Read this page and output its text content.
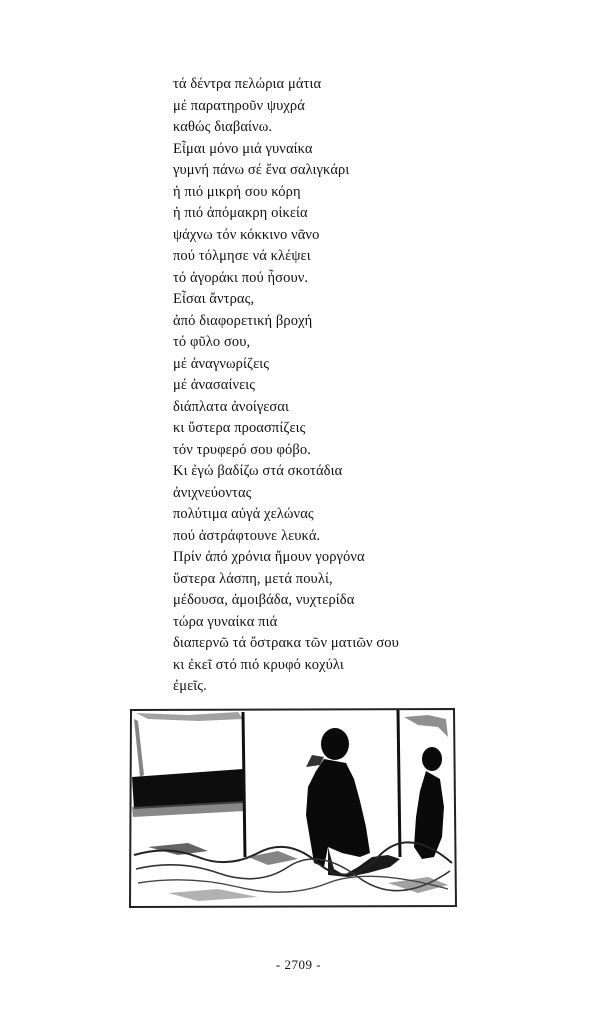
τά δέντρα πελώρια μάτια
μέ παρατηροῦν ψυχρά
καθώς διαβαίνω.
Εἶμαι μόνο μιά γυναίκα
γυμνή πάνω σέ ἕνα σαλιγκάρι
ἡ πιό μικρή σου κόρη
ἡ πιό ἀπόμακρη οἰκεία
ψάχνω τόν κόκκινο νᾶνο
πού τόλμησε νά κλέψει
τό ἀγοράκι πού ἦσουν.
Εἶσαι ἄντρας,
ἀπό διαφορετική βροχή
τό φῦλο σου,
μέ ἀναγνωρίζεις
μέ ἀνασαίνεις
διάπλατα ἀνοίγεσαι
κι ὕστερα προασπίζεις
τόν τρυφερό σου φόβο.
Κι ἐγώ βαδίζω στά σκοτάδια
ἀνιχνεύοντας
πολύτιμα αὐγά χελώνας
πού ἀστράφτουνε λευκά.
Πρίν ἀπό χρόνια ἤμουν γοργόνα
ὕστερα λάσπη, μετά πουλί,
μέδουσα, ἀμοιβάδα, νυχτερίδα
τώρα γυναίκα πιά
διαπερνῶ τά ὄστρακα τῶν ματιῶν σου
κι ἐκεῖ στό πιό κρυφό κοχύλι
ἐμεῖς.
- 2709 -
